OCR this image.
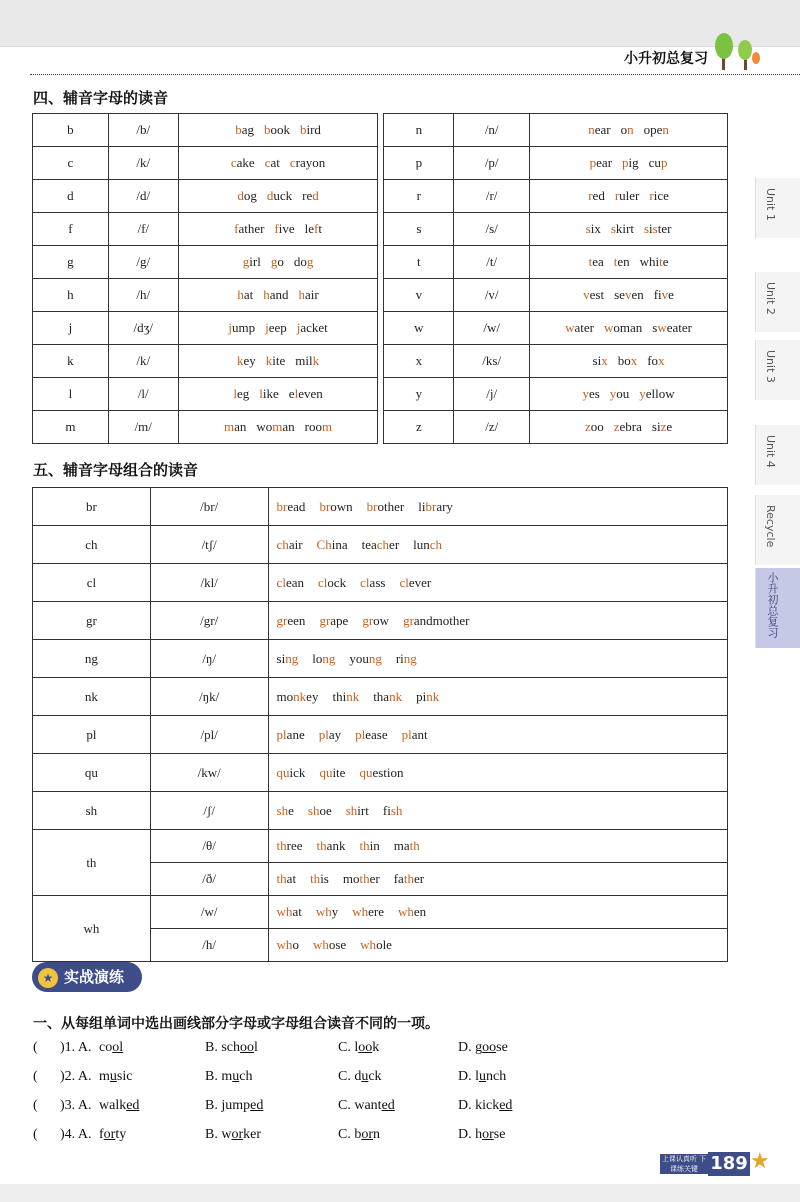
小升初总复习
Unit 1
Unit 2
Unit 3
Unit 4
Recycle
小升初总复习
四、辅音字母的读音
b	/b/	bag book bird		n	/n/	near on open
c	/k/	cake cat crayon		p	/p/	pear pig cup
d	/d/	dog duck red		r	/r/	red ruler rice
f	/f/	father five left		s	/s/	six skirt sister
g	/g/	girl go dog		t	/t/	tea ten white
h	/h/	hat hand hair		v	/v/	vest seven five
j	/dʒ/	jump jeep jacket		w	/w/	water woman sweater
k	/k/	key kite milk		x	/ks/	six box fox
l	/l/	leg like eleven		y	/j/	yes you yellow
m	/m/	man woman room		z	/z/	zoo zebra size
五、辅音字母组合的读音
br	/br/	bread brown brother library
ch	/tʃ/	chair China teacher lunch
cl	/kl/	clean clock class clever
gr	/gr/	green grape grow grandmother
ng	/ŋ/	sing long young ring
nk	/ŋk/	monkey think thank pink
pl	/pl/	plane play please plant
qu	/kw/	quick quite question
sh	/ʃ/	she shoe shirt fish
th	/θ/	three thank thin math
	/ð/	that this mother father
wh	/w/	what why where when
	/h/	who whose whole
★ 实战演练
一、从每组单词中选出画线部分字母或字母组合读音不同的一项。
( )1. A. cool	B. school	C. look	D. goose
( )2. A. music	B. much	C. duck	D. lunch
( )3. A. walked	B. jumped	C. wanted	D. kicked
( )4. A. forty	B. worker	C. born	D. horse
上课认真听 下课练关键 189 ★
